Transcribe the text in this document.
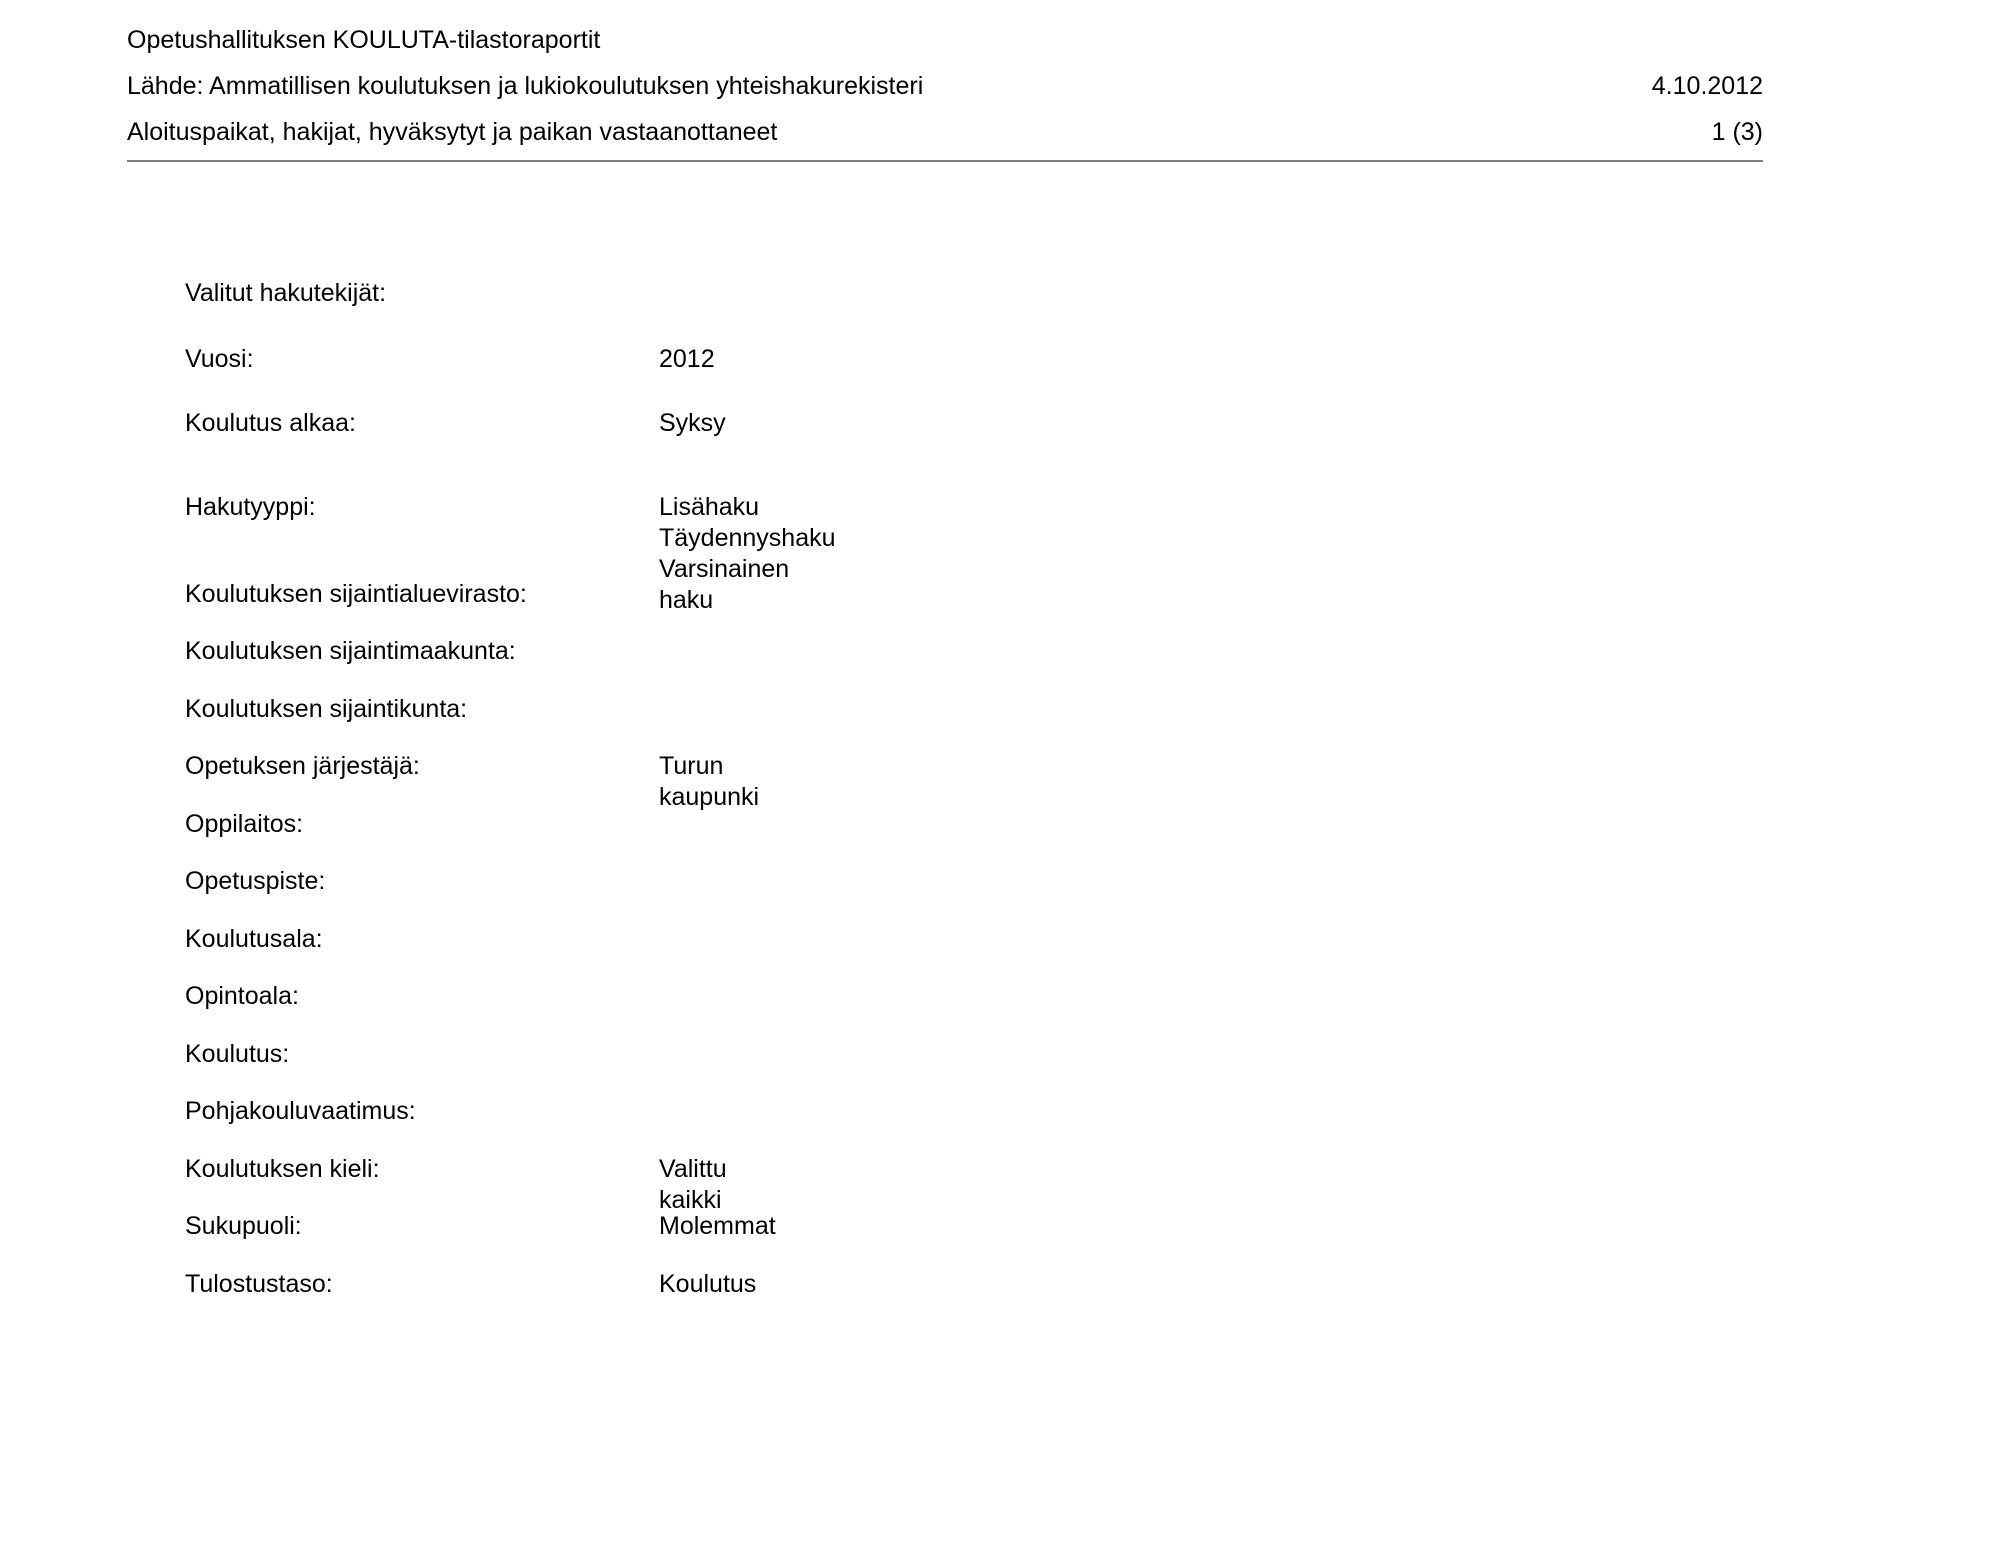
Opetushallituksen KOULUTA-tilastoraportit
Lähde: Ammatillisen koulutuksen ja lukiokoulutuksen yhteishakurekisteri	4.10.2012
Aloituspaikat, hakijat, hyväksytyt ja paikan vastaanottaneet	1 (3)
Valitut hakutekijät:
Vuosi:	2012
Koulutus alkaa:	Syksy
Hakutyyppi:	Lisähaku
Täydennyshaku
Varsinainen haku
Koulutuksen sijaintialuevirasto:
Koulutuksen sijaintimaakunta:
Koulutuksen sijaintikunta:
Opetuksen järjestäjä:	Turun kaupunki
Oppilaitos:
Opetuspiste:
Koulutusala:
Opintoala:
Koulutus:
Pohjakouluvaatimus:
Koulutuksen kieli:	Valittu kaikki
Sukupuoli:	Molemmat
Tulostustaso:	Koulutus
